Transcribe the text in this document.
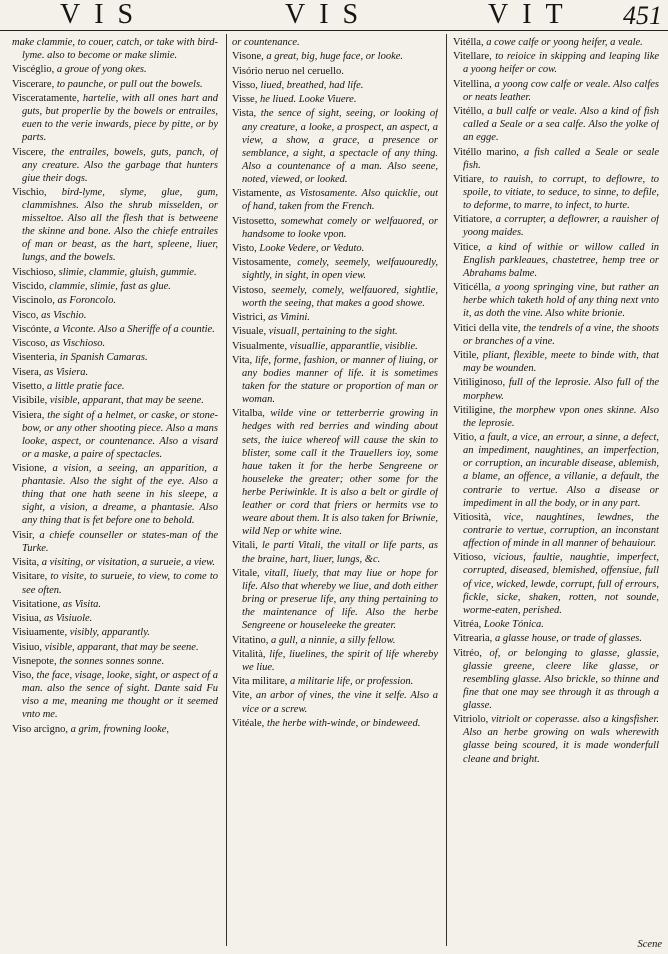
VIS	VIS	VIT 451

make clammie, to couer, catch, or take with bird-lyme. also to become or make slimie.

Viscéglio, a groue of yong okes.

Viscerare, to paunche, or pull out the bowels.

Visceratamente, hartelie, with all ones hart and guts, but properlie by the bowels or entrailes, euen to the verie inwards, piece by pitte, or by parts.

Viscere, the entrailes, bowels, guts, panch, of any creature. Also the garbage that hunters giue their dogs.

Vischio, bird-lyme, slyme, glue, gum, clammishnes. Also the shrub misselden, or misseltoe. Also all the flesh that is betweene the skinne and bone. Also the chiefe entrailes of man or beast, as the hart, spleene, liuer, lungs, and the bowels.

Vischioso, slimie, clammie, gluish, gummie.

Viscido, clammie, slimie, fast as glue.

Viscinolo, as Foroncolo.

Visco, as Vischio.

Viscónte, a Viconte. Also a Sheriffe of a countie.

Viscoso, as Vischioso.

Visenteria, in Spanish Camaras.

Visera, as Visiera.

Visetto, a little pratie face.

Visibile, visible, apparant, that may be seene.

Visiera, the sight of a helmet, or caske, or stone-bow, or any other shooting piece. Also a mans looke, aspect, or countenance. Also a visard or a maske, a paire of spectacles.

Visione, a vision, a seeing, an apparition, a phantasie. Also the sight of the eye. Also a thing that one hath seene in his sleepe, a sight, a vision, a dreame, a phantasie. Also any thing that is fet before one to behold.

Visir, a chiefe counseller or states-man of the Turke.

Visita, a visiting, or visitation, a surueie, a view.

Visitare, to visite, to surueie, to view, to come to see often.

Visitatione, as Visita.

Visiua, as Visiuole.

Visiuamente, visibly, apparantly.

Visiuo, visible, apparant, that may be seene.

Visnepote, the sonnes sonnes sonne.

Viso, the face, visage, looke, sight, or aspect of a man. also the sence of sight. Dante said Fu viso a me, meaning me thought or it seemed vnto me.

Viso arcigno, a grim, frowning looke,

or countenance.

Visone, a great, big, huge face, or looke.

Visório neruo nel ceruello.

Visso, liued, breathed, had life.

Visse, he liued. Looke Viuere.

Vista, the sence of sight, seeing, or looking of any creature, a looke, a prospect, an aspect, a view, a show, a grace, a presence or semblance, a sight, a spectacle of any thing. Also a countenance of a man. Also seene, noted, viewed, or looked.

Vistamente, as Vistosamente. Also quicklie, out of hand, taken from the French.

Vistosetto, somewhat comely or welfauored, or handsome to looke vpon.

Visto, Looke Vedere, or Veduto.

Vistosamente, comely, seemely, welfauouredly, sightly, in sight, in open view.

Vistoso, seemely, comely, welfauored, sightlie, worth the seeing, that makes a good showe.

Vistrici, as Vimini.

Visuale, visuall, pertaining to the sight.

Visualmente, visuallie, apparantlie, visiblie.

Vita, life, forme, fashion, or manner of liuing, or any bodies manner of life. it is sometimes taken for the stature or proportion of man or woman.

Vitalba, wilde vine or tetterberrie growing in hedges with red berries and winding about sets, the iuice whereof will cause the skin to blister, some call it the Trauellers ioy, some haue taken it for the herbe Sengreene or houseleke the greater; other some for the herbe Periwinkle. It is also a belt or girdle of leather or cord that friers or hermits vse to weare about them. It is also taken for Briwnie, wild Nep or white wine.

Vitali, le parti Vitali, the vitall or life parts, as the braine, hart, liuer, lungs, &c.

Vitale, vitall, liuely, that may liue or hope for life. Also that whereby we liue, and doth either bring or preserue life, any thing pertaining to the maintenance of life. Also the herbe Sengreene or houseleeke the greater.

Vitatino, a gull, a ninnie, a silly fellow.

Vitalità, life, liuelines, the spirit of life whereby we liue.

Vita militare, a militarie life, or profession.

Vite, an arbor of vines, the vine it selfe. Also a vice or a screw.

Vitéale, the herbe with-winde, or bindeweed.

Vitélla, a cowe calfe or yoong heifer, a veale.

Vitellare, to reioice in skipping and leaping like a yoong heifer or cow.

Vitellina, a yoong cow calfe or veale. Also calfes or neats leather.

Vitéllo, a bull calfe or veale. Also a kind of fish called a Seale or a sea calfe. Also the yolke of an egge.

Vitéllo marino, a fish called a Seale or seale fish.

Vitiare, to rauish, to corrupt, to deflowre, to spoile, to vitiate, to seduce, to sinne, to defile, to deforme, to marre, to infect, to hurte.

Vitiatore, a corrupter, a deflowrer, a rauisher of yoong maides.

Vitice, a kind of withie or willow called in English parkleaues, chastetree, hemp tree or Abrahams balme.

Viticélla, a yoong springing vine, but rather an herbe which taketh hold of any thing next vnto it, as doth the vine. Also white brionie.

Vitici della vite, the tendrels of a vine, the shoots or branches of a vine.

Vitile, pliant, flexible, meete to binde with, that may be wounden.

Vitiliginoso, full of the leprosie. Also full of the morphew.

Vitiligine, the morphew vpon ones skinne. Also the leprosie.

Vitio, a fault, a vice, an errour, a sinne, a defect, an impediment, naughtines, an imperfection, or corruption, an incurable disease, ablemish, a blame, an offence, a villanie, a default, the contrarie to vertue. Also a disease or impediment in all the body, or in any part.

Vitiosità, vice, naughtines, lewdnes, the contrarie to vertue, corruption, an inconstant affection of minde in all manner of behauiour.

Vitioso, vicious, faultie, naughtie, imperfect, corrupted, diseased, blemished, offensiue, full of vice, wicked, lewde, corrupt, full of errours, fickle, sicke, shaken, rotten, not sounde, worme-eaten, perished.

Vitréa, Looke Tónica.

Vitrearia, a glasse house, or trade of glasses.

Vitréo, of, or belonging to glasse, glassie, glassie greene, cleere like glasse, or resembling glasse. Also brickle, so thinne and fine that one may see through it as through a glasse.

Vitriolo, vitriolt or coperasse. also a kingsfisher. Also an herbe growing on wals wherewith glasse being scoured, it is made wonderfull cleane and bright.

Scene
